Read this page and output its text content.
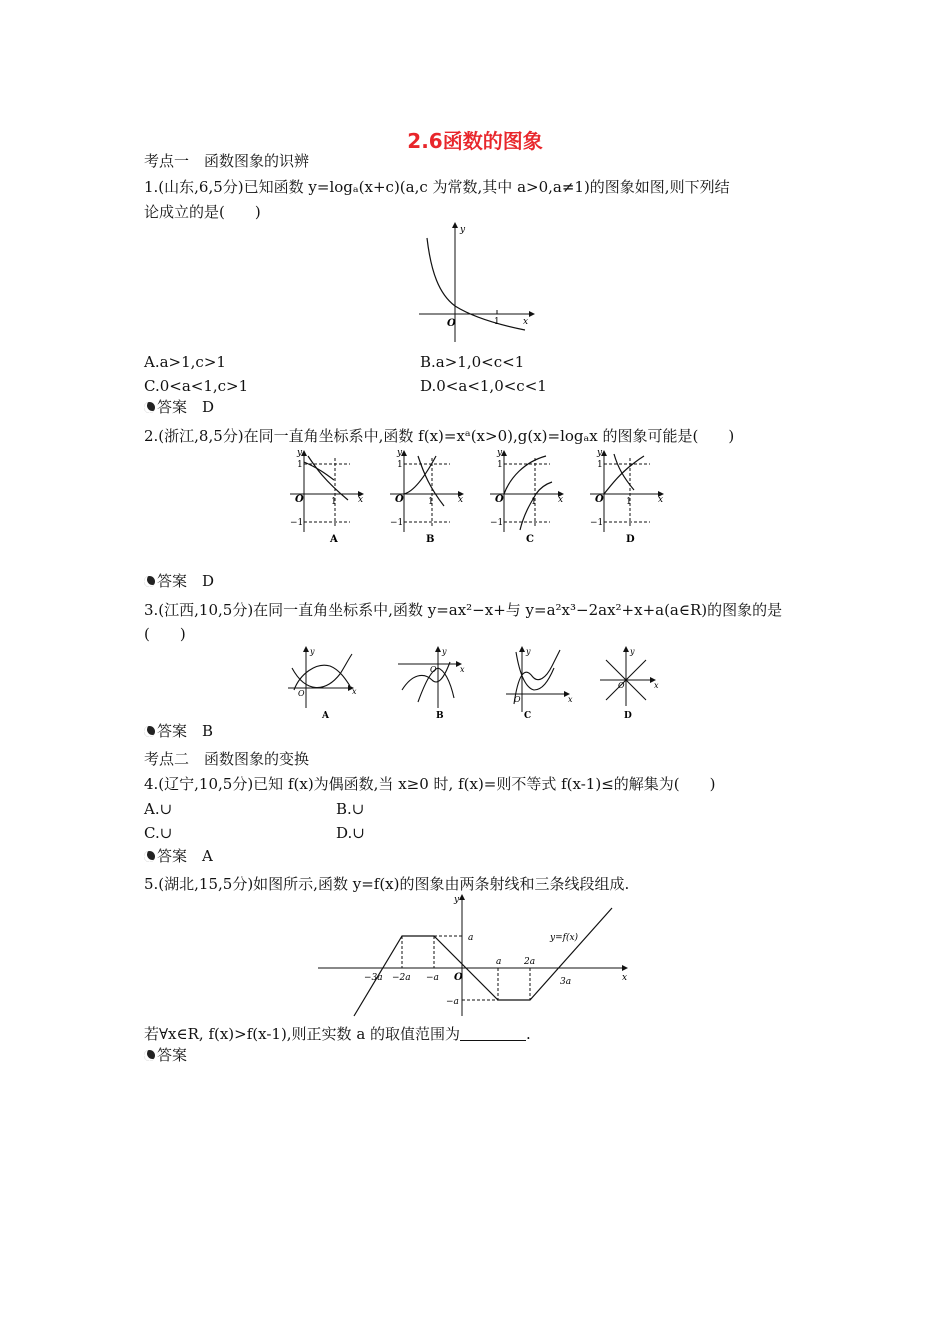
2.6函数的图象
考点一　函数图象的识辨
1.(山东,6,5分)已知函数 y=logₐ(x+c)(a,c 为常数,其中 a>0,a≠1)的图象如图,则下列结
论成立的是(　　)
y
x
O	1
A.a>1,c>1	B.a>1,0<c<1
C.0<a<1,c>1	D.0<a<1,0<c<1
答案　D
2.(浙江,8,5分)在同一直角坐标系中,函数 f(x)=xᵃ(x>0),g(x)=logₐx 的图象可能是(　　)
y
x
O
1
1
−1
A
y
x
O
1
1
−1
B
y
x
O
1
1
−1
C
y
x
O
1
1
−1
D
答案　D
3.(江西,10,5分)在同一直角坐标系中,函数 y=ax²−x+与 y=a²x³−2ax²+x+a(a∈R)的图象的是
(　　)
y
x
O
A
y
x
O
B
y
x
O
C
y
x
O
D
答案　B
考点二　函数图象的变换
4.(辽宁,10,5分)已知 f(x)为偶函数,当 x≥0 时, f(x)=则不等式 f(x-1)≤的解集为(　　)
A.∪	B.∪
C.∪	D.∪
答案　A
5.(湖北,15,5分)如图所示,函数 y=f(x)的图象由两条射线和三条线段组成.
y
x
O
y=f(x)
a
−a
−3a −2a −a
a	2a
3a
若∀x∈R, f(x)>f(x-1),则正实数 a 的取值范围为	.
答案
